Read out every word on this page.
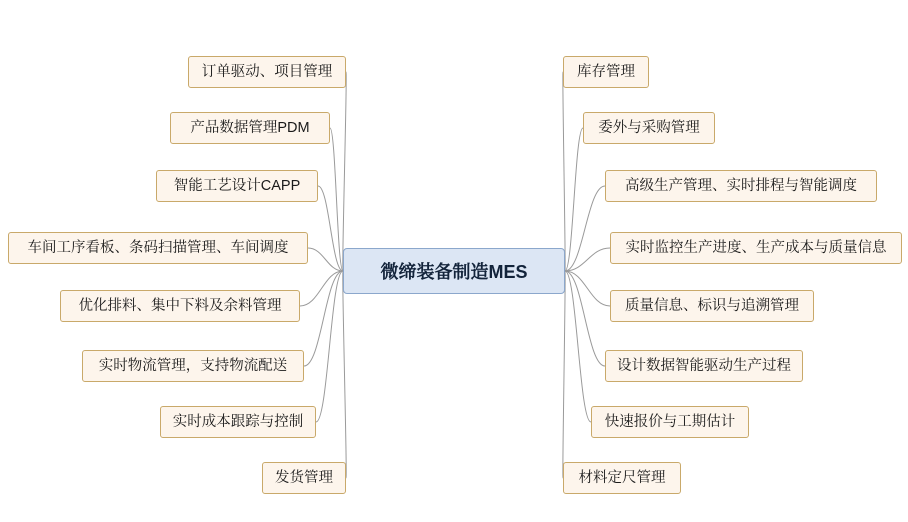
订单驱动、项目管理
产品数据管理PDM
智能工艺设计CAPP
车间工序看板、条码扫描管理、车间调度
优化排料、集中下料及余料管理
实时物流管理，支持物流配送
实时成本跟踪与控制
发货管理
库存管理
委外与采购管理
高级生产管理、实时排程与智能调度
实时监控生产进度、生产成本与质量信息
质量信息、标识与追溯管理
设计数据智能驱动生产过程
快速报价与工期估计
材料定尺管理
微缔装备制造MES
